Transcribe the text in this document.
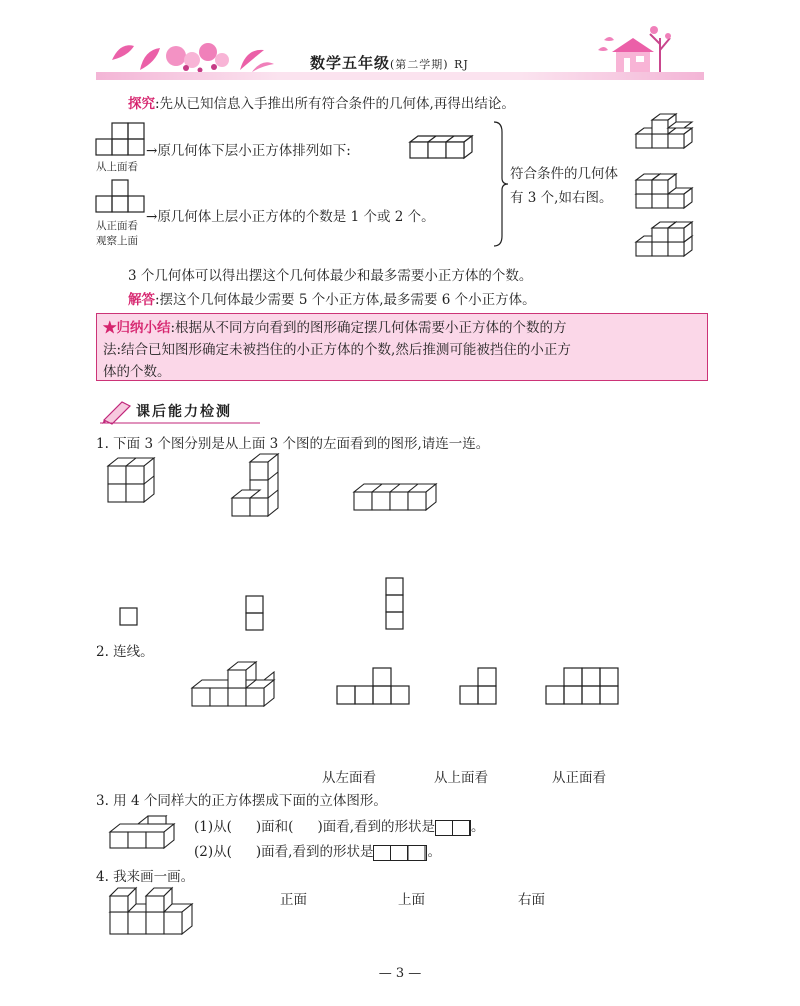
数学五年级(第二学期) RJ
探究:先从已知信息入手推出所有符合条件的几何体,再得出结论。
从上面看
→原几何体下层小正方体排列如下:
从正面看
观察上面
→原几何体上层小正方体的个数是 1 个或 2 个。
符合条件的几何体
有 3 个,如右图。
3 个几何体可以得出摆这个几何体最少和最多需要小正方体的个数。
解答:摆这个几何体最少需要 5 个小正方体,最多需要 6 个小正方体。
★归纳小结:根据从不同方向看到的图形确定摆几何体需要小正方体的个数的方
法:结合已知图形确定未被挡住的小正方体的个数,然后推测可能被挡住的小正方
体的个数。
课后能力检测
1. 下面 3 个图分别是从上面 3 个图的左面看到的图形,请连一连。
2. 连线。
从左面看	从上面看	从正面看
3. 用 4 个同样大的正方体摆成下面的立体图形。
(1)从( )面和( )面看,看到的形状是	。
(2)从( )面看,看到的形状是	。
4. 我来画一画。
正面	上面	右面
— 3 —
